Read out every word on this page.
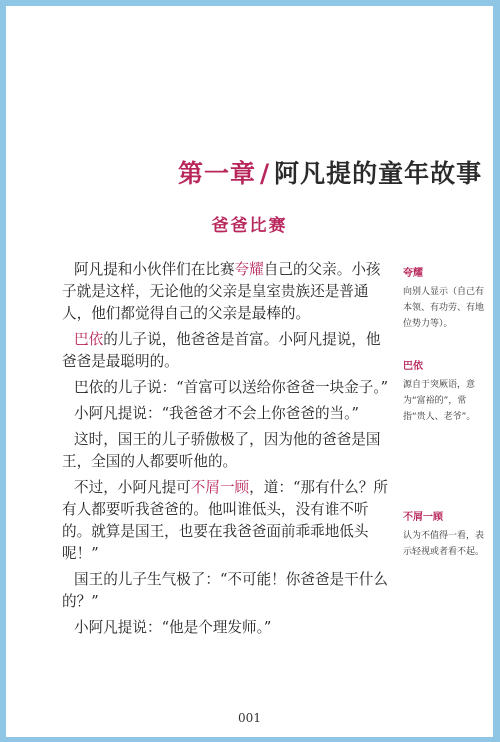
第一章 / 阿凡提的童年故事
爸爸比赛

阿凡提和小伙伴们在比赛夸耀自己的父亲。小孩子就是这样，无论他的父亲是皇室贵族还是普通人，他们都觉得自己的父亲是最棒的。

巴依的儿子说，他爸爸是首富。小阿凡提说，他爸爸是最聪明的。

巴依的儿子说：“首富可以送给你爸爸一块金子。”

小阿凡提说：“我爸爸才不会上你爸爸的当。”

这时，国王的儿子骄傲极了，因为他的爸爸是国王，全国的人都要听他的。

不过，小阿凡提可不屑一顾，道：“那有什么？所有人都要听我爸爸的。他叫谁低头，没有谁不听的。就算是国王，也要在我爸爸面前乖乖地低头呢！”

国王的儿子生气极了：“不可能！你爸爸是干什么的？”

小阿凡提说：“他是个理发师。”

夸耀
向别人显示（自己有本领、有功劳、有地位势力等）。
巴依
源自于突厥语，意为“富裕的”，常指“贵人、老爷”。
不屑一顾
认为不值得一看，表示轻视或者看不起。
001
